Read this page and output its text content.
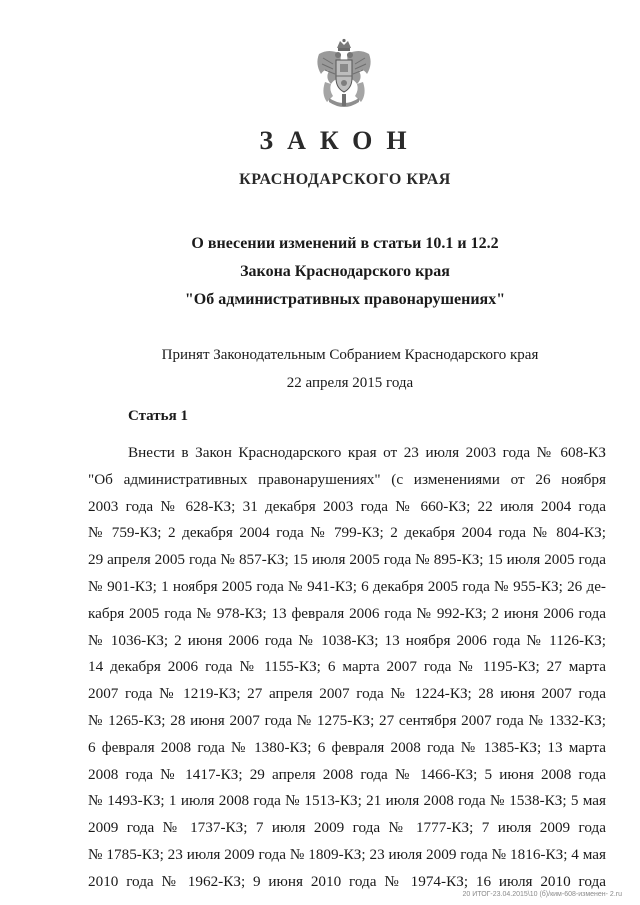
ЗАКОН
КРАСНОДАРСКОГО КРАЯ
О внесении изменений в статьи 10.1 и 12.2
Закона Краснодарского края
"Об административных правонарушениях"
Принят Законодательным Собранием Краснодарского края
22 апреля 2015 года
Статья 1
Внести в Закон Краснодарского края от 23 июля 2003 года № 608-КЗ
"Об административных правонарушениях" (с изменениями от 26 ноября
2003 года № 628-КЗ; 31 декабря 2003 года № 660-КЗ; 22 июля 2004 года
№ 759-КЗ; 2 декабря 2004 года № 799-КЗ; 2 декабря 2004 года № 804-КЗ;
29 апреля 2005 года № 857-КЗ; 15 июля 2005 года № 895-КЗ; 15 июля 2005 года
№ 901-КЗ; 1 ноября 2005 года № 941-КЗ; 6 декабря 2005 года № 955-КЗ; 26 де-
кабря 2005 года № 978-КЗ; 13 февраля 2006 года № 992-КЗ; 2 июня 2006 года
№ 1036-КЗ; 2 июня 2006 года № 1038-КЗ; 13 ноября 2006 года № 1126-КЗ;
14 декабря 2006 года № 1155-КЗ; 6 марта 2007 года № 1195-КЗ; 27 марта
2007 года № 1219-КЗ; 27 апреля 2007 года № 1224-КЗ; 28 июня 2007 года
№ 1265-КЗ; 28 июня 2007 года № 1275-КЗ; 27 сентября 2007 года № 1332-КЗ;
6 февраля 2008 года № 1380-КЗ; 6 февраля 2008 года № 1385-КЗ; 13 марта
2008 года № 1417-КЗ; 29 апреля 2008 года № 1466-КЗ; 5 июня 2008 года
№ 1493-КЗ; 1 июля 2008 года № 1513-КЗ; 21 июля 2008 года № 1538-КЗ; 5 мая
2009 года № 1737-КЗ; 7 июля 2009 года № 1777-КЗ; 7 июля 2009 года
№ 1785-КЗ; 23 июля 2009 года № 1809-КЗ; 23 июля 2009 года № 1816-КЗ; 4 мая
2010 года № 1962-КЗ; 9 июня 2010 года № 1974-КЗ; 16 июля 2010 года
20 ИТОГ-23.04.2015\10 (б)/ким-608-изменен- 2.ru
